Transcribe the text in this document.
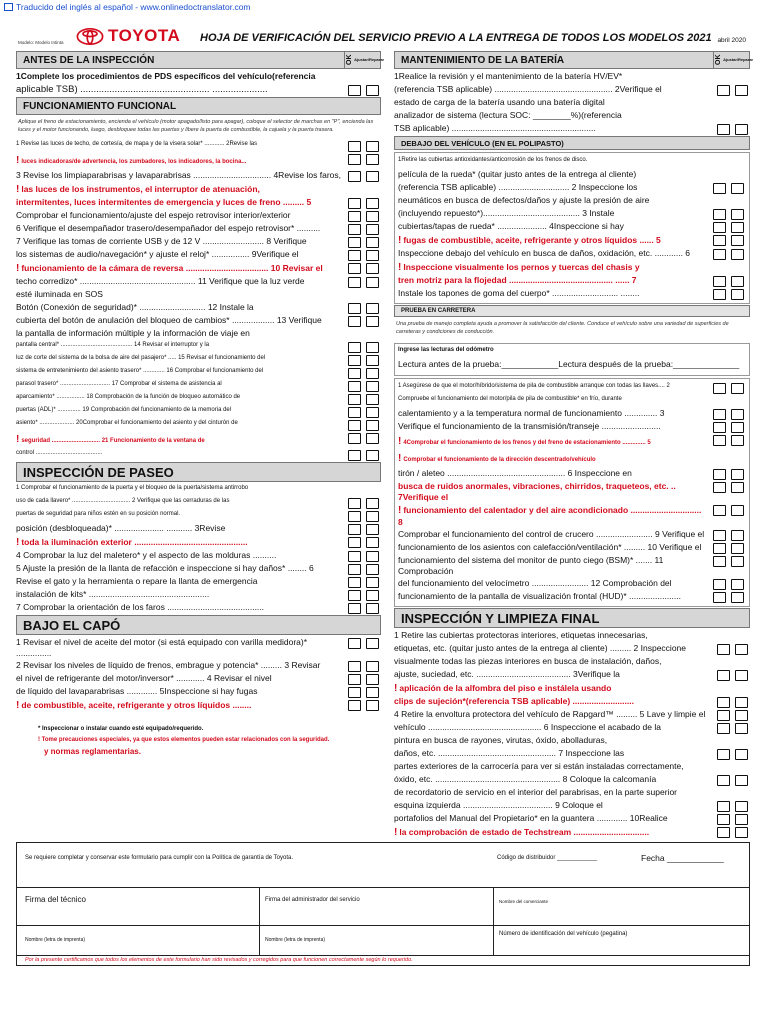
Traducido del inglés al español - www.onlinedoctranslator.com
Modelo: Modelo Intinta	TOYOTA HOJA DE VERIFICACIÓN DEL SERVICIO PREVIO A LA ENTREGA DE TODOS LOS MODELOS 2021 abril 2020
ANTES DE LA INSPECCIÓN	OK Ajustar/Reparar
1Complete los procedimientos de PDS específicos del vehículo(referencia
aplicable TSB) ................................................. .....................
FUNCIONAMIENTO FUNCIONAL
Aplique el freno de estacionamiento, encienda el vehículo (motor apagado/listo para apagar), coloque el selector de marchas en "P", encienda las luces y el motor funcionando, luego, desbloquee todas las puertas y libere la puerta de combustible, la cajuela y la puerta trasera.
1 Revise las luces de techo, de cortesía, de mapa y de la visera solar* ............ 2Revise las
! luces indicadoras/de advertencia, los zumbadores, los indicadores, la bocina...
3 Revise los limpiaparabrisas y lavaparabrisas ................................. 4Revise los faros,
! las luces de los instrumentos, el interruptor de atenuación,
intermitentes, luces intermitentes de emergencia y luces de freno ......... 5
Comprobar el funcionamiento/ajuste del espejo retrovisor interior/exterior
6 Verifique el desempañador trasero/desempañador del espejo retrovisor* ..........
7 Verifique las tomas de corriente USB y de 12 V .......................... 8 Verifique
los sistemas de audio/navegación* y ajuste el reloj* ................ 9Verifique el
! funcionamiento de la cámara de reversa ................................... 10 Revisar el
techo corredizo* ................................................. 11 Verifique que la luz verde
esté iluminada en SOS
Botón (Conexión de seguridad)* ............................ 12 Instale la
cubierta del botón de anulación del bloqueo de cambios* .................. 13 Verifique
la pantalla de información múltiple y la información de viaje en
pantalla central* ........................................... 14 Revisar el interruptor y la
luz de corte del sistema de la bolsa de aire del pasajero* ..... 15 Revisar el funcionamiento del
sistema de entretenimiento del asiento trasero* ............. 16 Comprobar el funcionamiento del
parasol trasero* .............................. 17 Comprobar el sistema de asistencia al
aparcamiento* ................. 18 Comprobación de la función de bloqueo automático de
puertas (ADL)* .............. 19 Comprobación del funcionamiento de la memoria del
asiento* ..................... 20Comprobar el funcionamiento del asiento y del cinturón de
! seguridad ............................. 21 Funcionamiento de la ventana de
control ........................................
INSPECCIÓN DE PASEO
1 Comprobar el funcionamiento de la puerta y el bloqueo de la puerta/sistema antirrobo
uso de cada llavero* ................................... 2 Verifique que las cerraduras de las
puertas de seguridad para niños estén en su posición normal.
posición (desbloqueada)* ..................... ........... 3Revise
! toda la iluminación exterior ................................................
4 Comprobar la luz del maletero* y el aspecto de las molduras ..........
5 Ajuste la presión de la llanta de refacción e inspeccione si hay daños* ........ 6
Revise el gato y la herramienta o repare la llanta de emergencia
instalación de kits* ...................................................
7 Comprobar la orientación de los faros .........................................
BAJO EL CAPÓ
1 Revisar el nivel de aceite del motor (si está equipado con varilla medidora)* ...............
2 Revisar los niveles de líquido de frenos, embrague y potencia* ......... 3 Revisar
el nivel de refrigerante del motor/inversor* ............ 4 Revisar el nivel
de líquido del lavaparabrisas ............. 5Inspeccione si hay fugas
! de combustible, aceite, refrigerante y otros líquidos ........
* Inspeccionar o instalar cuando esté equipado/requerido.
! Tome precauciones especiales, ya que estos elementos pueden estar relacionados con la seguridad.
y normas reglamentarias.
MANTENIMIENTO DE LA BATERÍA	OK Ajustar/Reparar
1Realice la revisión y el mantenimiento de la batería HV/EV*
(referencia TSB aplicable) .................................................. 2Verifique el
estado de carga de la batería usando una batería digital
analizador de sistema (lectura SOC: ________%)(referencia
TSB aplicable) .............................................................
DEBAJO DEL VEHÍCULO (EN EL POLIPASTO)
1Retire las cubiertas antioxidantes/anticorrosión de los frenos de disco.
película de la rueda* (quitar justo antes de la entrega al cliente)
(referencia TSB aplicable) .............................. 2 Inspeccione los
neumáticos en busca de defectos/daños y ajuste la presión de aire
(incluyendo repuesto*)......................................... 3 Instale
cubiertas/tapas de rueda* ..................... 4Inspeccione si hay
! fugas de combustible, aceite, refrigerante y otros líquidos ...... 5
Inspeccione debajo del vehículo en busca de daños, oxidación, etc. ............ 6
! Inspeccione visualmente los pernos y tuercas del chasis y
tren motriz para la flojedad ............................................ ...... 7
Instale los tapones de goma del cuerpo* ............................ ........
PRUEBA EN CARRETERA
Una prueba de manejo completa ayuda a promover la satisfacción del cliente. Conduce el vehículo sobre una variedad de superficies de carreteras y condiciones de conducción.
Ingrese las lecturas del odómetro
Lectura antes de la prueba:____________Lectura después de la prueba:______________
1 Asegúrese de que el motor/híbrido/sistema de pila de combustible arranque con todas las llaves.... 2
Compruebe el funcionamiento del motor/pila de pila de combustible* en frío, durante
calentamiento y a la temperatura normal de funcionamiento .............. 3
Verifique el funcionamiento de la transmisión/transeje .........................
! 4Comprobar el funcionamiento de los frenos y del freno de estacionamiento .............. 5
! Comprobar el funcionamiento de la dirección descentrado/vehículo
tirón / aleteo .................................................. 6 Inspeccione en
busca de ruidos anormales, vibraciones, chirridos, traqueteos, etc. .. 7Verifique el
! funcionamiento del calentador y del aire acondicionado .............................. 8
Comprobar el funcionamiento del control de crucero ........................ 9 Verifique el
funcionamiento de los asientos con calefacción/ventilación* ......... 10 Verifique el
funcionamiento del sistema del monitor de punto ciego (BSM)* ....... 11 Comprobación
del funcionamiento del velocímetro ........................ 12 Comprobación del
funcionamiento de la pantalla de visualización frontal (HUD)* ......................
INSPECCIÓN Y LIMPIEZA FINAL
1 Retire las cubiertas protectoras interiores, etiquetas innecesarias,
etiquetas, etc. (quitar justo antes de la entrega al cliente) ......... 2 Inspeccione
visualmente todas las piezas interiores en busca de instalación, daños,
ajuste, suciedad, etc. ........................................ 3Verifique la
! aplicación de la alfombra del piso e instálela usando
clips de sujeción*(referencia TSB aplicable) ..........................
4 Retire la envoltura protectora del vehículo de Rapgard™ ......... 5 Lave y limpie el
vehículo ................................................ 6 Inspeccione el acabado de la
pintura en busca de rayones, virutas, óxido, abolladuras,
daños, etc. .................................................. 7 Inspeccione las
partes exteriores de la carrocería para ver si están instaladas correctamente,
óxido, etc. ..................................................... 8 Coloque la calcomanía
de recordatorio de servicio en el interior del parabrisas, en la parte superior
esquina izquierda ...................................... 9 Coloque el
portafolios del Manual del Propietario* en la guantera ............. 10Realice
! la comprobación de estado de Techstream ................................
Se requiere completar y conservar este formulario para cumplir con la Política de garantía de Toyota.	Código de distribuidor ____________	Fecha ____________
Firma del técnico	Firma del administrador del servicio	Nombre del comerciante
Nombre (letra de imprenta)	Nombre (letra de imprenta)
Número de identificación del vehículo (pegatina)
Por la presente certificamos que todos los elementos de este formulario han sido revisados y corregidos para que funcionen correctamente según lo requerido.
